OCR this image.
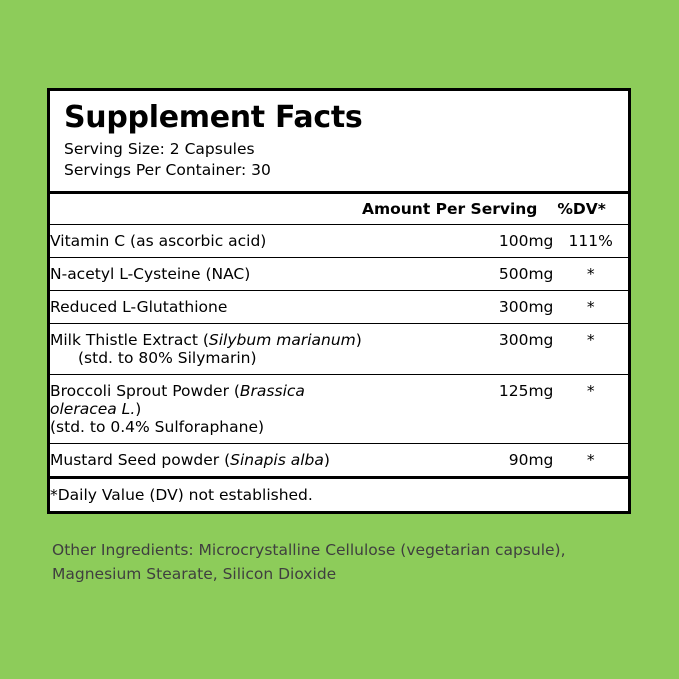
Supplement Facts
Serving Size: 2 Capsules
Servings Per Container: 30
	Amount Per Serving	%DV*
Vitamin C (as ascorbic acid)	100mg	111%
N-acetyl L-Cysteine (NAC)	500mg	*
Reduced L-Glutathione	300mg	*
Milk Thistle Extract (Silybum marianum)
(std. to 80% Silymarin)	300mg	*
Broccoli Sprout Powder (Brassica oleracea L.)
(std. to 0.4% Sulforaphane)	125mg	*
Mustard Seed powder (Sinapis alba)	90mg	*
*Daily Value (DV) not established.		
Other Ingredients: Microcrystalline Cellulose (vegetarian capsule), Magnesium Stearate, Silicon Dioxide
